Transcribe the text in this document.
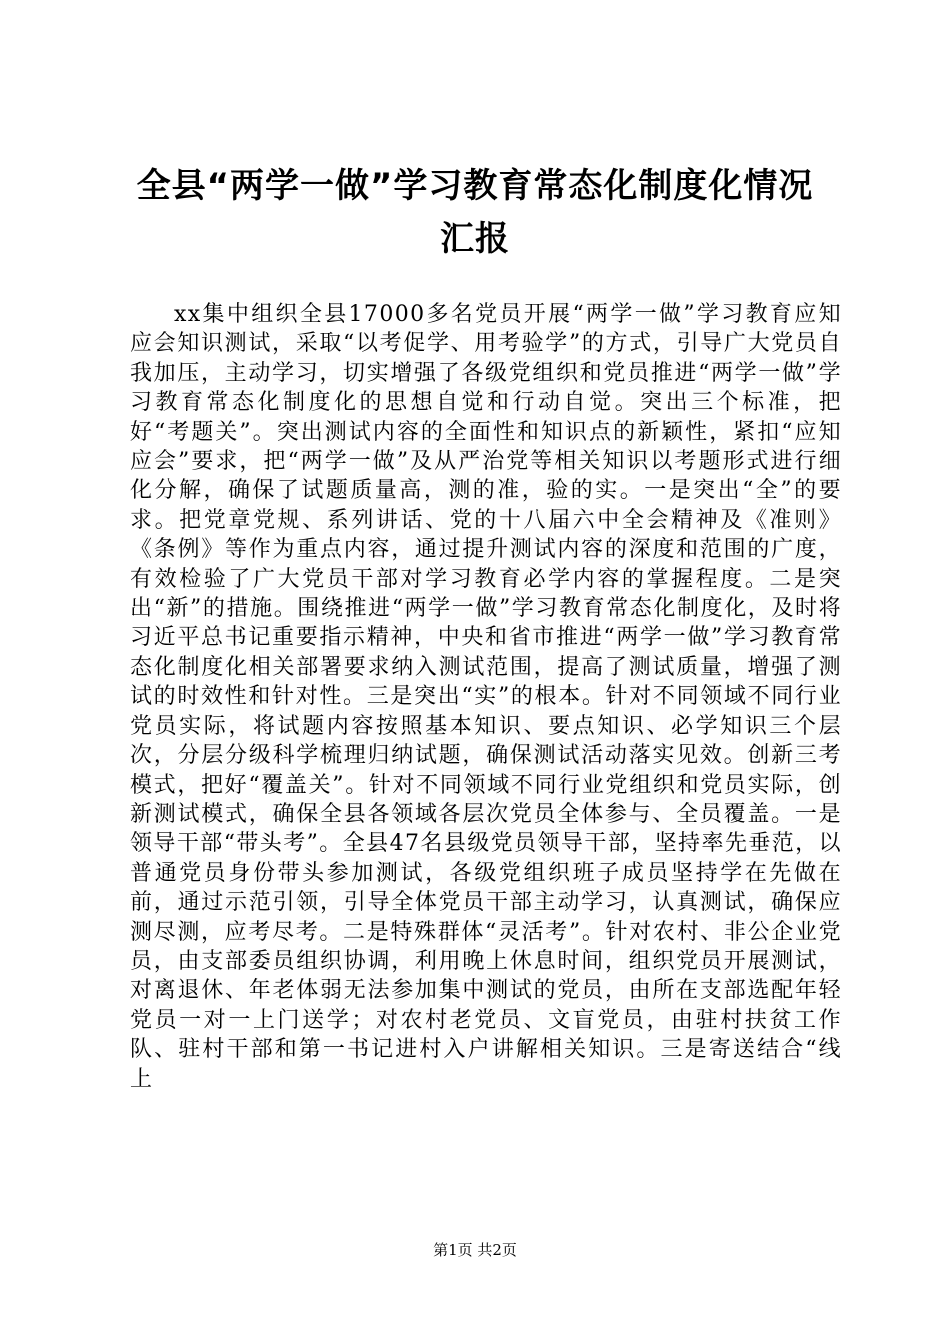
全县“两学一做”学习教育常态化制度化情况汇报

xx集中组织全县17000多名党员开展“两学一做”学习教育应知应会知识测试，采取“以考促学、用考验学”的方式，引导广大党员自我加压，主动学习，切实增强了各级党组织和党员推进“两学一做”学习教育常态化制度化的思想自觉和行动自觉。突出三个标准，把好“考题关”。突出测试内容的全面性和知识点的新颖性，紧扣“应知应会”要求，把“两学一做”及从严治党等相关知识以考题形式进行细化分解，确保了试题质量高，测的准，验的实。一是突出“全”的要求。把党章党规、系列讲话、党的十八届六中全会精神及《准则》《条例》等作为重点内容，通过提升测试内容的深度和范围的广度，有效检验了广大党员干部对学习教育必学内容的掌握程度。二是突出“新”的措施。围绕推进“两学一做”学习教育常态化制度化，及时将习近平总书记重要指示精神，中央和省市推进“两学一做”学习教育常态化制度化相关部署要求纳入测试范围，提高了测试质量，增强了测试的时效性和针对性。三是突出“实”的根本。针对不同领域不同行业党员实际，将试题内容按照基本知识、要点知识、必学知识三个层次，分层分级科学梳理归纳试题，确保测试活动落实见效。创新三考模式，把好“覆盖关”。针对不同领域不同行业党组织和党员实际，创新测试模式，确保全县各领域各层次党员全体参与、全员覆盖。一是领导干部“带头考”。全县47名县级党员领导干部，坚持率先垂范，以普通党员身份带头参加测试，各级党组织班子成员坚持学在先做在前，通过示范引领，引导全体党员干部主动学习，认真测试，确保应测尽测，应考尽考。二是特殊群体“灵活考”。针对农村、非公企业党员，由支部委员组织协调，利用晚上休息时间，组织党员开展测试，对离退休、年老体弱无法参加集中测试的党员，由所在支部选配年轻党员一对一上门送学；对农村老党员、文盲党员，由驻村扶贫工作队、驻村干部和第一书记进村入户讲解相关知识。三是寄送结合“线上

第1页 共2页
